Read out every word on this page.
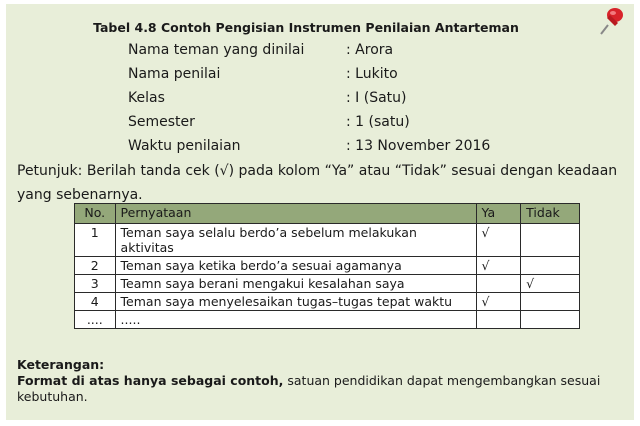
Tabel 4.8 Contoh Pengisian Instrumen Penilaian Antarteman
Nama teman yang dinilai	: Arora
Nama penilai	: Lukito
Kelas	: I (Satu)
Semester	: 1 (satu)
Waktu penilaian	: 13 November 2016
Petunjuk: Berilah tanda cek (√) pada kolom “Ya” atau “Tidak” sesuai dengan keadaan yang sebenarnya.
No.	Pernyataan	Ya	Tidak
1	Teman saya selalu berdo’a sebelum melakukan aktivitas	√	
2	Teman saya ketika berdo’a sesuai agamanya	√	
3	Teamn saya berani mengakui kesalahan saya		√
4	Teman saya menyelesaikan tugas–tugas tepat waktu	√	
....	.....		
Keterangan:
Format di atas hanya sebagai contoh, satuan pendidikan dapat mengembangkan sesuai kebutuhan.
